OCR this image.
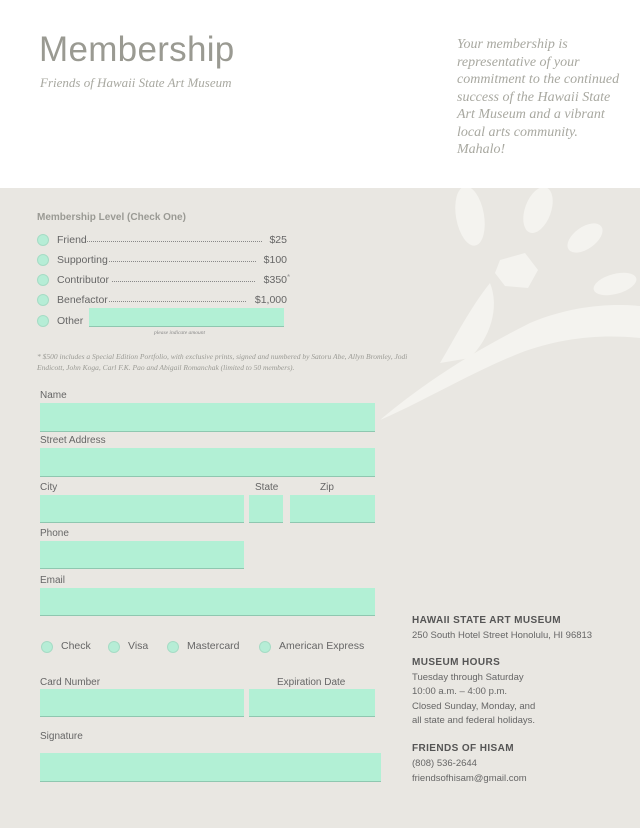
Membership
Friends of Hawaii State Art Museum
Your membership is representative of your commitment to the continued success of the Hawaii State Art Museum and a vibrant local arts community. Mahalo!
Membership Level (Check One)
Friend	$25
Supporting	$100
Contributor	$350 *
Benefactor	$1,000
Other
please indicate amount
* $500 includes a Special Edition Portfolio, with exclusive prints, signed and numbered by Satoru Abe, Allyn Bromley, Jodi Endicott, John Koga, Carl F.K. Pao and Abigail Romanchak (limited to 50 members).
Name
Street Address
City	State	Zip
Phone
Email
Check	Visa	Mastercard	American Express
Card Number	Expiration Date
Signature
HAWAII STATE ART MUSEUM
250 South Hotel Street Honolulu, HI 96813
MUSEUM HOURS
Tuesday through Saturday
10:00 a.m. – 4:00 p.m.
Closed Sunday, Monday, and
all state and federal holidays.
FRIENDS OF HISAM
(808) 536-2644
friendsofhisam@gmail.com
